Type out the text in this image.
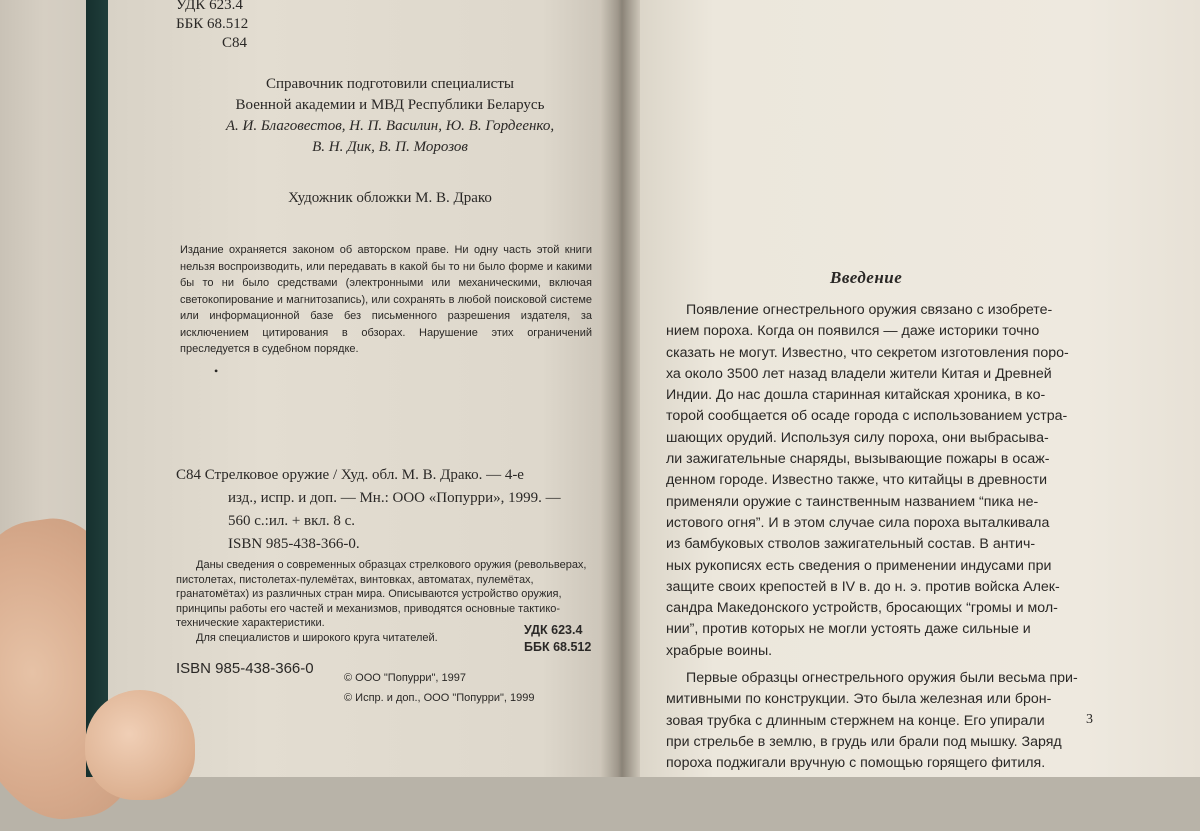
УДК 623.4
ББК 68.512
С84
Справочник подготовили специалисты
Военной академии и МВД Республики Беларусь
А. И. Благовестов, Н. П. Василин, Ю. В. Гордеенко,
В. Н. Дик, В. П. Морозов
Художник обложки М. В. Драко
Издание охраняется законом об авторском праве. Ни одну часть этой книги нельзя воспроизводить, или передавать в какой бы то ни было форме и какими бы то ни было средствами (электронными или механическими, включая светокопирование и магнитозапись), или сохранять в любой поисковой системе или информационной базе без письменного разрешения издателя, за исключением цитирования в обзорах. Нарушение этих ограничений преследуется в судебном порядке.
•
С84 Стрелковое оружие / Худ. обл. М. В. Драко. — 4-е
изд., испр. и доп. — Мн.: ООО «Попурри», 1999. —
560 с.:ил. + вкл. 8 с.
ISBN 985-438-366-0.
Даны сведения о современных образцах стрелкового оружия (револьверах, пистолетах, пистолетах-пулемётах, винтовках, автоматах, пулемётах, гранатомётах) из различных стран мира. Описываются устройство оружия, принципы работы его частей и механизмов, приводятся основные тактико-технические характеристики.
Для специалистов и широкого круга читателей.
УДК 623.4
ББК 68.512
ISBN 985-438-366-0
© ООО "Попурри", 1997
© Испр. и доп., ООО "Попурри", 1999
Введение
Появление огнестрельного оружия связано с изобрете-
нием пороха. Когда он появился — даже историки точно
сказать не могут. Известно, что секретом изготовления поро-
ха около 3500 лет назад владели жители Китая и Древней
Индии. До нас дошла старинная китайская хроника, в ко-
торой сообщается об осаде города с использованием устра-
шающих орудий. Используя силу пороха, они выбрасыва-
ли зажигательные снаряды, вызывающие пожары в осаж-
денном городе. Известно также, что китайцы в древности
применяли оружие с таинственным названием “пика не-
истового огня”. И в этом случае сила пороха выталкивала
из бамбуковых стволов зажигательный состав. В антич-
ных рукописях есть сведения о применении индусами при
защите своих крепостей в IV в. до н. э. против войска Алек-
сандра Македонского устройств, бросающих “громы и мол-
нии”, против которых не могли устоять даже сильные и
храбрые воины.
Первые образцы огнестрельного оружия были весьма при-
митивными по конструкции. Это была железная или брон-
зовая трубка с длинным стержнем на конце. Его упирали
при стрельбе в землю, в грудь или брали под мышку. Заряд
пороха поджигали вручную с помощью горящего фитиля.
3
